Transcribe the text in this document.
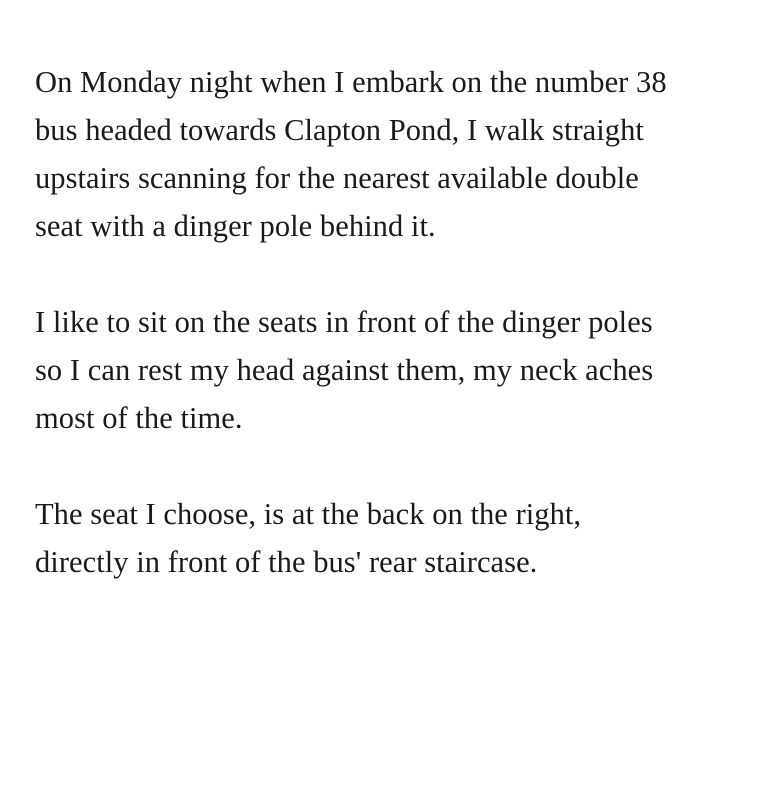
On Monday night when I embark on the number 38
bus headed towards Clapton Pond, I walk straight
upstairs scanning for the nearest available double
seat with a dinger pole behind it.

I like to sit on the seats in front of the dinger poles
so I can rest my head against them, my neck aches
most of the time.

The seat I choose, is at the back on the right,
directly in front of the bus' rear staircase.
